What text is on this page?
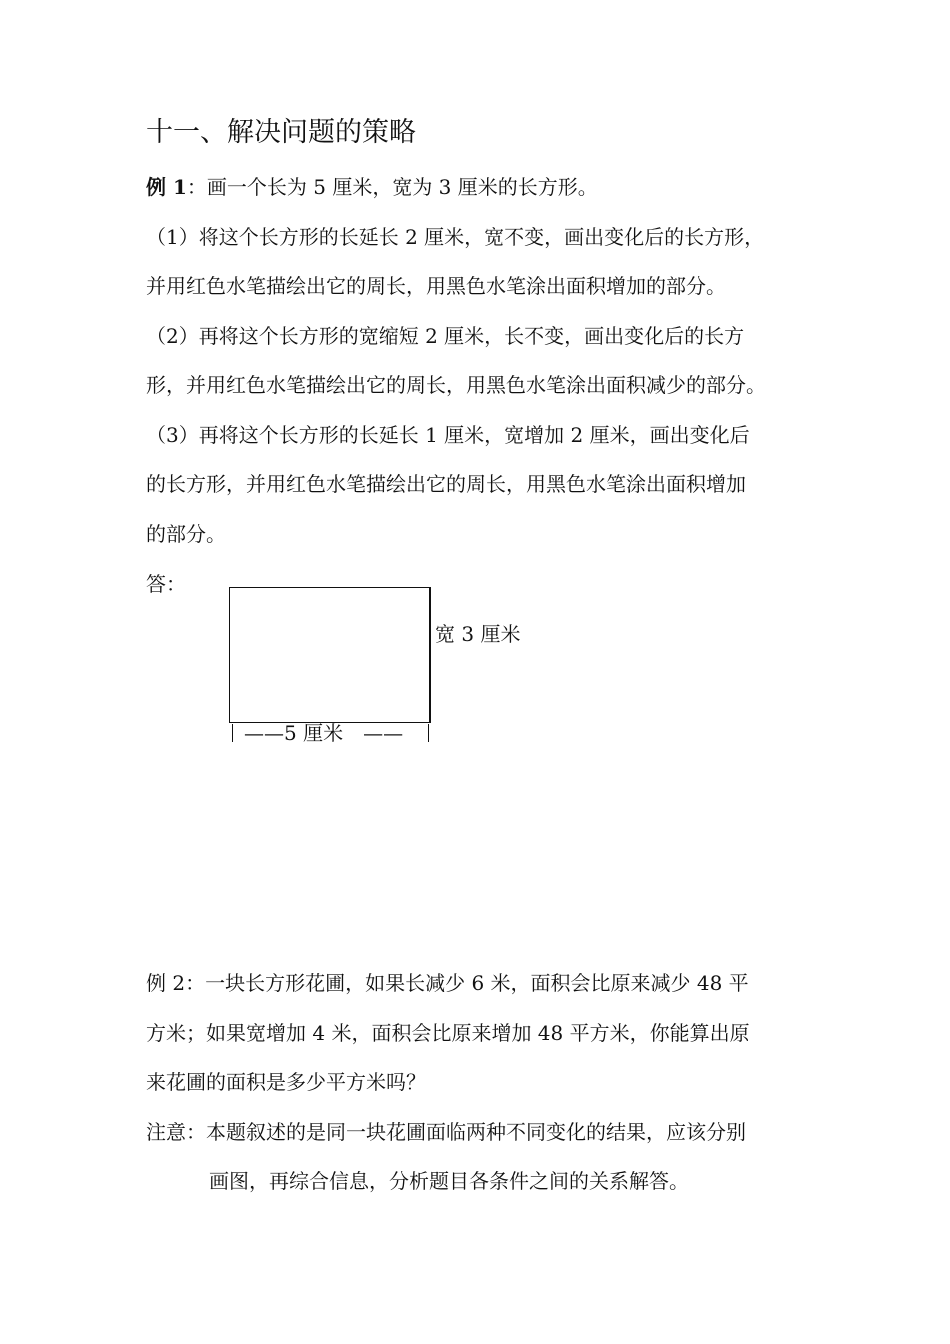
十一、解决问题的策略
例 1：画一个长为 5 厘米，宽为 3 厘米的长方形。
（1）将这个长方形的长延长 2 厘米，宽不变，画出变化后的长方形，
并用红色水笔描绘出它的周长，用黑色水笔涂出面积增加的部分。
（2）再将这个长方形的宽缩短 2 厘米，长不变，画出变化后的长方
形，并用红色水笔描绘出它的周长，用黑色水笔涂出面积减少的部分。
（3）再将这个长方形的长延长 1 厘米，宽增加 2 厘米，画出变化后
的长方形，并用红色水笔描绘出它的周长，用黑色水笔涂出面积增加
的部分。
答：
宽 3 厘米
——5 厘米　——
例 2：一块长方形花圃，如果长减少 6 米，面积会比原来减少 48 平
方米；如果宽增加 4 米，面积会比原来增加 48 平方米，你能算出原
来花圃的面积是多少平方米吗？
注意：本题叙述的是同一块花圃面临两种不同变化的结果，应该分别
画图，再综合信息，分析题目各条件之间的关系解答。
